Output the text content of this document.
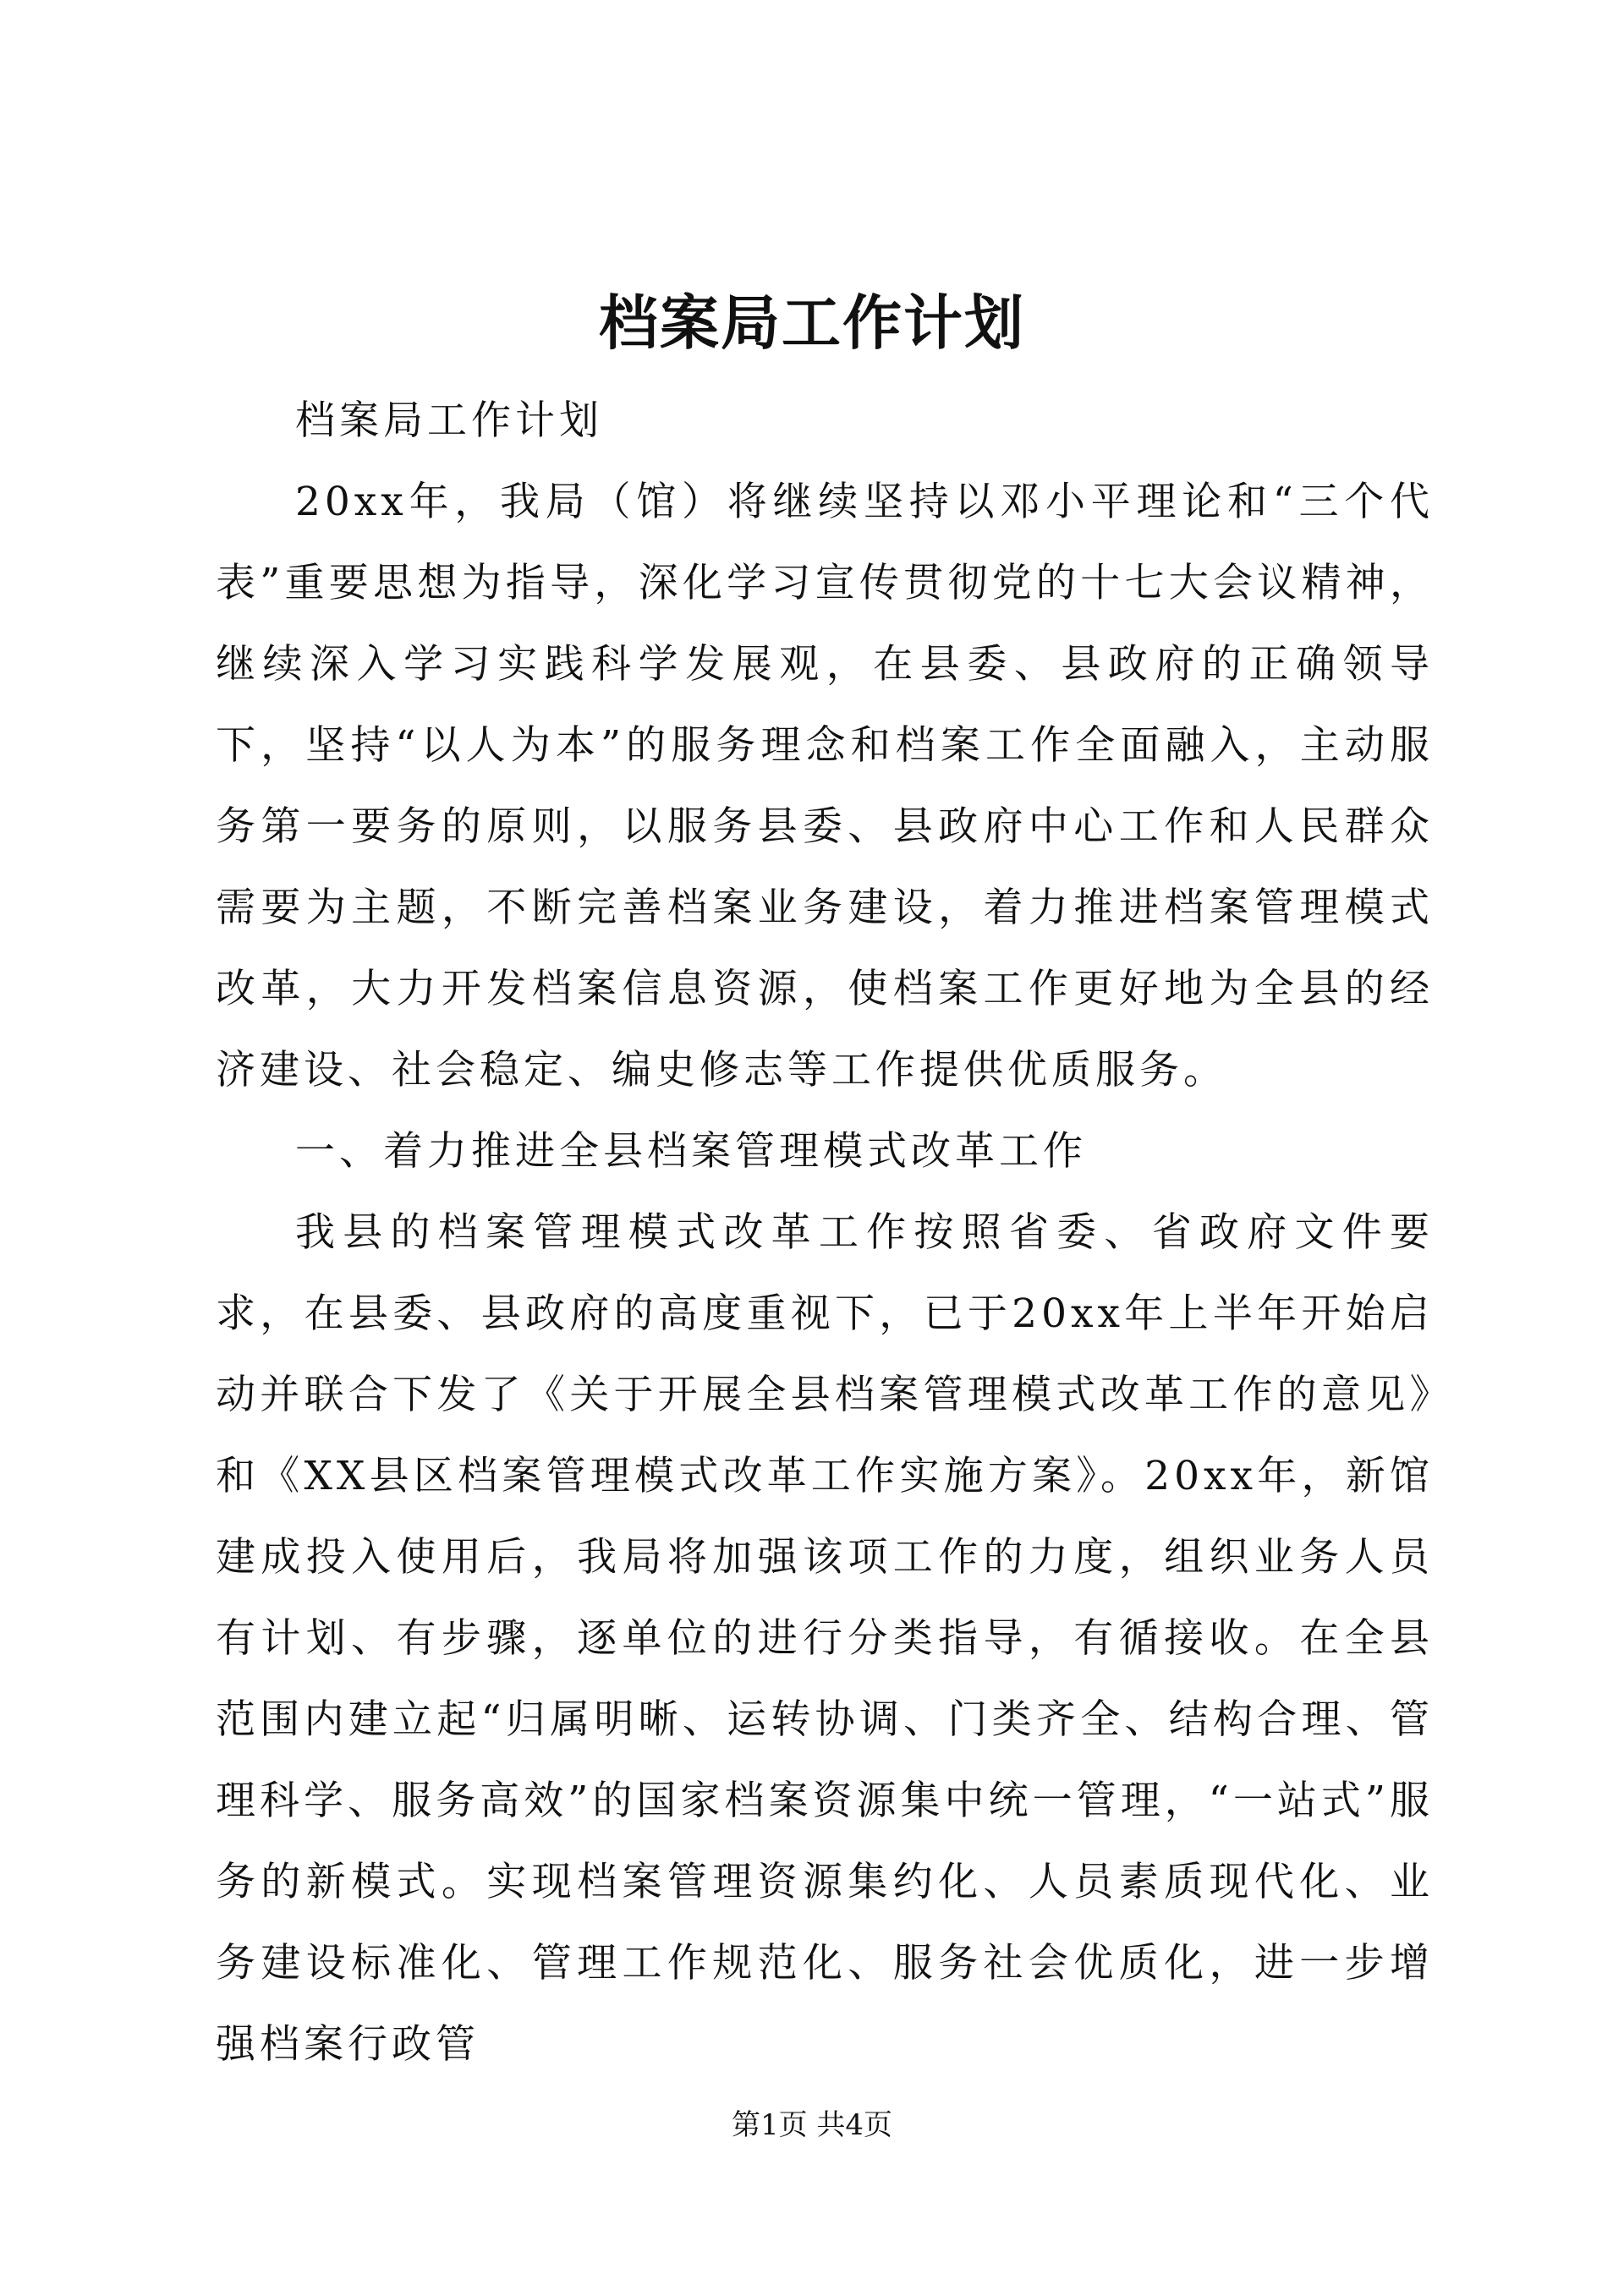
档案局工作计划

档案局工作计划

20xx年，我局（馆）将继续坚持以邓小平理论和“三个代表”重要思想为指导，深化学习宣传贯彻党的十七大会议精神，继续深入学习实践科学发展观，在县委、县政府的正确领导下，坚持“以人为本”的服务理念和档案工作全面融入，主动服务第一要务的原则，以服务县委、县政府中心工作和人民群众需要为主题，不断完善档案业务建设，着力推进档案管理模式改革，大力开发档案信息资源，使档案工作更好地为全县的经济建设、社会稳定、编史修志等工作提供优质服务。

一、着力推进全县档案管理模式改革工作

我县的档案管理模式改革工作按照省委、省政府文件要求，在县委、县政府的高度重视下，已于20xx年上半年开始启动并联合下发了《关于开展全县档案管理模式改革工作的意见》和《XX县区档案管理模式改革工作实施方案》。20xx年，新馆建成投入使用后，我局将加强该项工作的力度，组织业务人员有计划、有步骤，逐单位的进行分类指导，有循接收。在全县范围内建立起“归属明晰、运转协调、门类齐全、结构合理、管理科学、服务高效”的国家档案资源集中统一管理，“一站式”服务的新模式。实现档案管理资源集约化、人员素质现代化、业务建设标准化、管理工作规范化、服务社会优质化，进一步增强档案行政管

第1页 共4页
